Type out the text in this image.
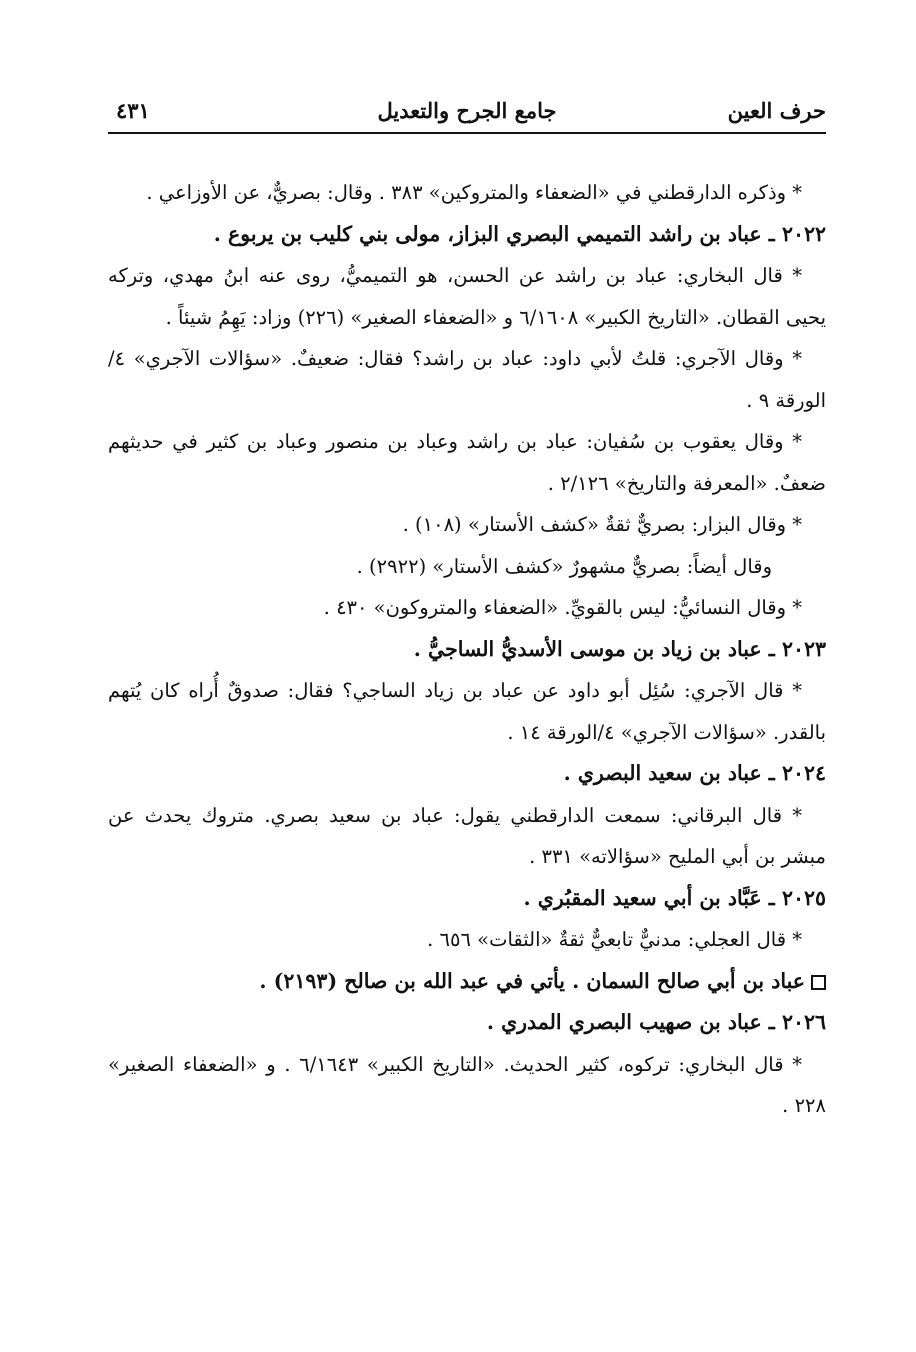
حرف العين
جامع الجرح والتعديل
٤٣١

* وذكره الدارقطني في «الضعفاء والمتروكين» ٣٨٣ . وقال: بصريٌّ، عن الأوزاعي .

٢٠٢٢ ـ عباد بن راشد التميمي البصري البزاز، مولى بني كليب بن يربوع .

* قال البخاري: عباد بن راشد عن الحسن، هو التميميُّ، روى عنه ابنُ مهدي، وتركه يحيى القطان. «التاريخ الكبير» ٦/١٦٠٨ و «الضعفاء الصغير» (٢٢٦) وزاد: يَهِمُ شيئاً .

* وقال الآجري: قلتُ لأبي داود: عباد بن راشد؟ فقال: ضعيفٌ. «سؤالات الآجري» ٤/الورقة ٩ .

* وقال يعقوب بن سُفيان: عباد بن راشد وعباد بن منصور وعباد بن كثير في حديثهم ضعفٌ. «المعرفة والتاريخ» ٢/١٢٦ .

* وقال البزار: بصريٌّ ثقةٌ «كشف الأستار» (١٠٨) .

وقال أيضاً: بصريٌّ مشهورٌ «كشف الأستار» (٢٩٢٢) .

* وقال النسائيُّ: ليس بالقويِّ. «الضعفاء والمتروكون» ٤٣٠ .

٢٠٢٣ ـ عباد بن زياد بن موسى الأسديُّ الساجيُّ .

* قال الآجري: سُئِل أبو داود عن عباد بن زياد الساجي؟ فقال: صدوقٌ أُراه كان يُتهم بالقدر. «سؤالات الآجري» ٤/الورقة ١٤ .

٢٠٢٤ ـ عباد بن سعيد البصري .

* قال البرقاني: سمعت الدارقطني يقول: عباد بن سعيد بصري. متروك يحدث عن مبشر بن أبي المليح «سؤالاته» ٣٣١ .

٢٠٢٥ ـ عَبَّاد بن أبي سعيد المقبُري .

* قال العجلي: مدنيٌّ تابعيٌّ ثقةٌ «الثقات» ٦٥٦ .

عباد بن أبي صالح السمان . يأتي في عبد الله بن صالح (٢١٩٣) .

٢٠٢٦ ـ عباد بن صهيب البصري المدري .

* قال البخاري: تركوه، كثير الحديث. «التاريخ الكبير» ٦/١٦٤٣ . و «الضعفاء الصغير» ٢٢٨ .
